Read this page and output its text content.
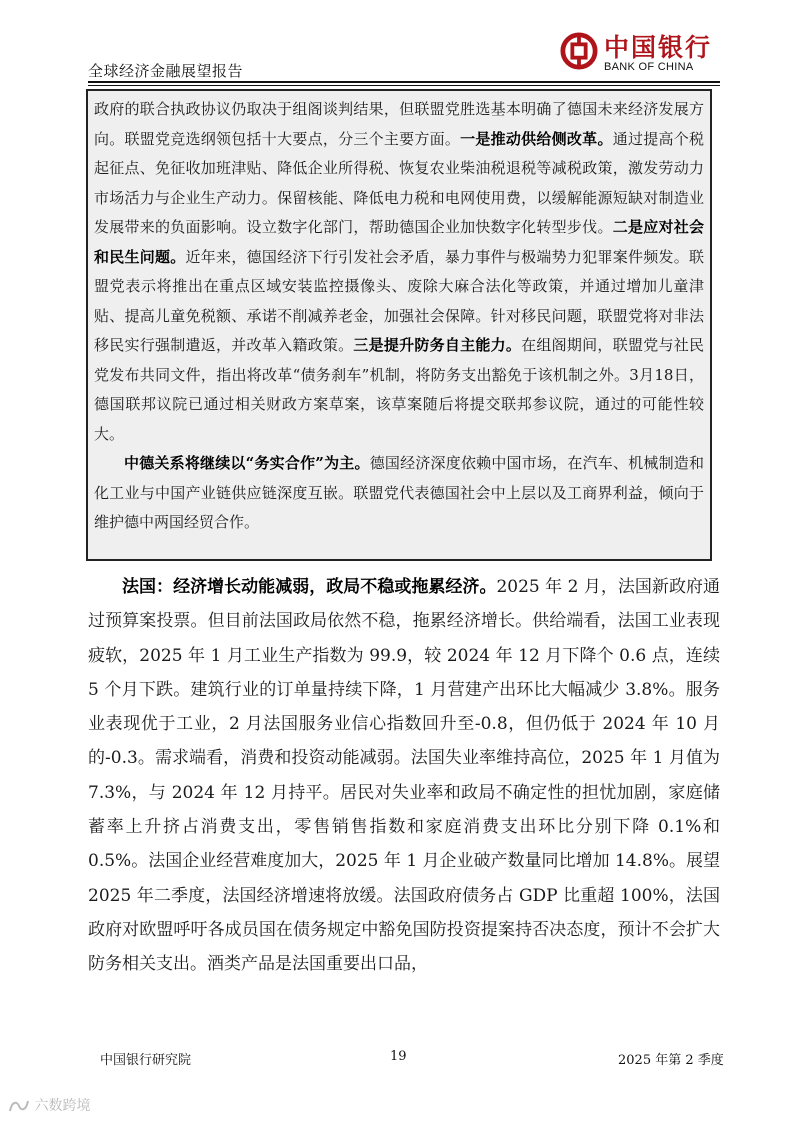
全球经济金融展望报告
中国银行
BANK OF CHINA

政府的联合执政协议仍取决于组阁谈判结果，但联盟党胜选基本明确了德国未来经济发展方向。联盟党竞选纲领包括十大要点，分三个主要方面。一是推动供给侧改革。通过提高个税起征点、免征收加班津贴、降低企业所得税、恢复农业柴油税退税等减税政策，激发劳动力市场活力与企业生产动力。保留核能、降低电力税和电网使用费，以缓解能源短缺对制造业发展带来的负面影响。设立数字化部门，帮助德国企业加快数字化转型步伐。二是应对社会和民生问题。近年来，德国经济下行引发社会矛盾，暴力事件与极端势力犯罪案件频发。联盟党表示将推出在重点区域安装监控摄像头、废除大麻合法化等政策，并通过增加儿童津贴、提高儿童免税额、承诺不削减养老金，加强社会保障。针对移民问题，联盟党将对非法移民实行强制遣返，并改革入籍政策。三是提升防务自主能力。在组阁期间，联盟党与社民党发布共同文件，指出将改革“债务刹车”机制，将防务支出豁免于该机制之外。3月18日，德国联邦议院已通过相关财政方案草案，该草案随后将提交联邦参议院，通过的可能性较大。

中德关系将继续以“务实合作”为主。德国经济深度依赖中国市场，在汽车、机械制造和化工业与中国产业链供应链深度互嵌。联盟党代表德国社会中上层以及工商界利益，倾向于维护德中两国经贸合作。

法国：经济增长动能减弱，政局不稳或拖累经济。2025 年 2 月，法国新政府通过预算案投票。但目前法国政局依然不稳，拖累经济增长。供给端看，法国工业表现疲软，2025 年 1 月工业生产指数为 99.9，较 2024 年 12 月下降个 0.6 点，连续 5 个月下跌。建筑行业的订单量持续下降，1 月营建产出环比大幅减少 3.8%。服务业表现优于工业，2 月法国服务业信心指数回升至-0.8，但仍低于 2024 年 10 月的-0.3。需求端看，消费和投资动能减弱。法国失业率维持高位，2025 年 1 月值为 7.3%，与 2024 年 12 月持平。居民对失业率和政局不确定性的担忧加剧，家庭储蓄率上升挤占消费支出，零售销售指数和家庭消费支出环比分别下降 0.1%和 0.5%。法国企业经营难度加大，2025 年 1 月企业破产数量同比增加 14.8%。展望 2025 年二季度，法国经济增速将放缓。法国政府债务占 GDP 比重超 100%，法国政府对欧盟呼吁各成员国在债务规定中豁免国防投资提案持否决态度，预计不会扩大防务相关支出。酒类产品是法国重要出口品，

中国银行研究院	19	2025 年第 2 季度
六数跨境
